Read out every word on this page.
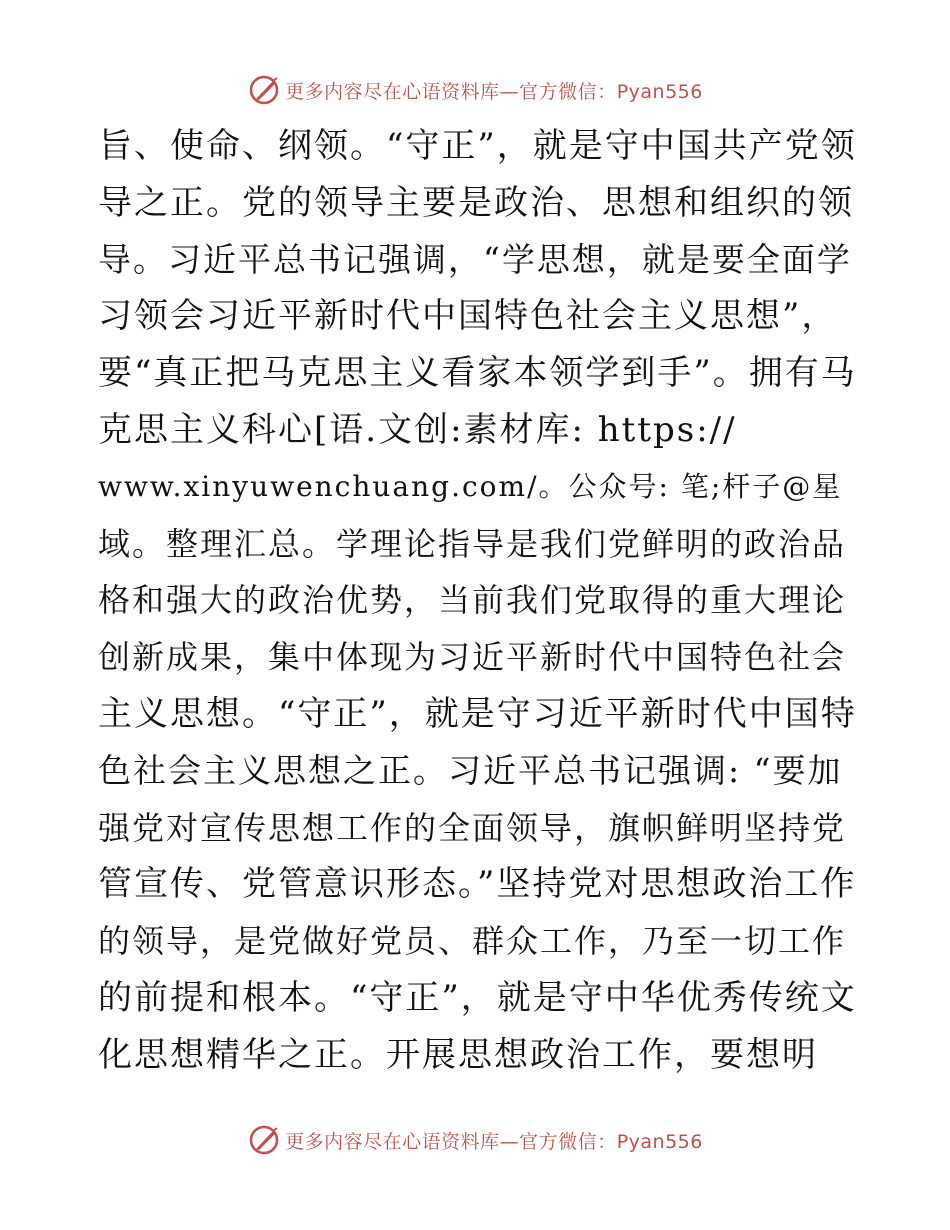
更多内容尽在心语资料库—官方微信：Pyan556
旨、使命、纲领。“守正”，就是守中国共产党领
导之正。党的领导主要是政治、思想和组织的领
导。习近平总书记强调，“学思想，就是要全面学
习领会习近平新时代中国特色社会主义思想”，
要“真正把马克思主义看家本领学到手”。拥有马
克思主义科心[语.文创:素材库: https://
www.xinyuwenchuang.com/。公众号: 笔;杆子@星
域。整理汇总。学理论指导是我们党鲜明的政治品
格和强大的政治优势，当前我们党取得的重大理论
创新成果，集中体现为习近平新时代中国特色社会
主义思想。“守正”，就是守习近平新时代中国特
色社会主义思想之正。习近平总书记强调: “要加
强党对宣传思想工作的全面领导，旗帜鲜明坚持党
管宣传、党管意识形态。”坚持党对思想政治工作
的领导，是党做好党员、群众工作，乃至一切工作
的前提和根本。“守正”，就是守中华优秀传统文
化思想精华之正。开展思想政治工作，要想明
更多内容尽在心语资料库—官方微信：Pyan556
